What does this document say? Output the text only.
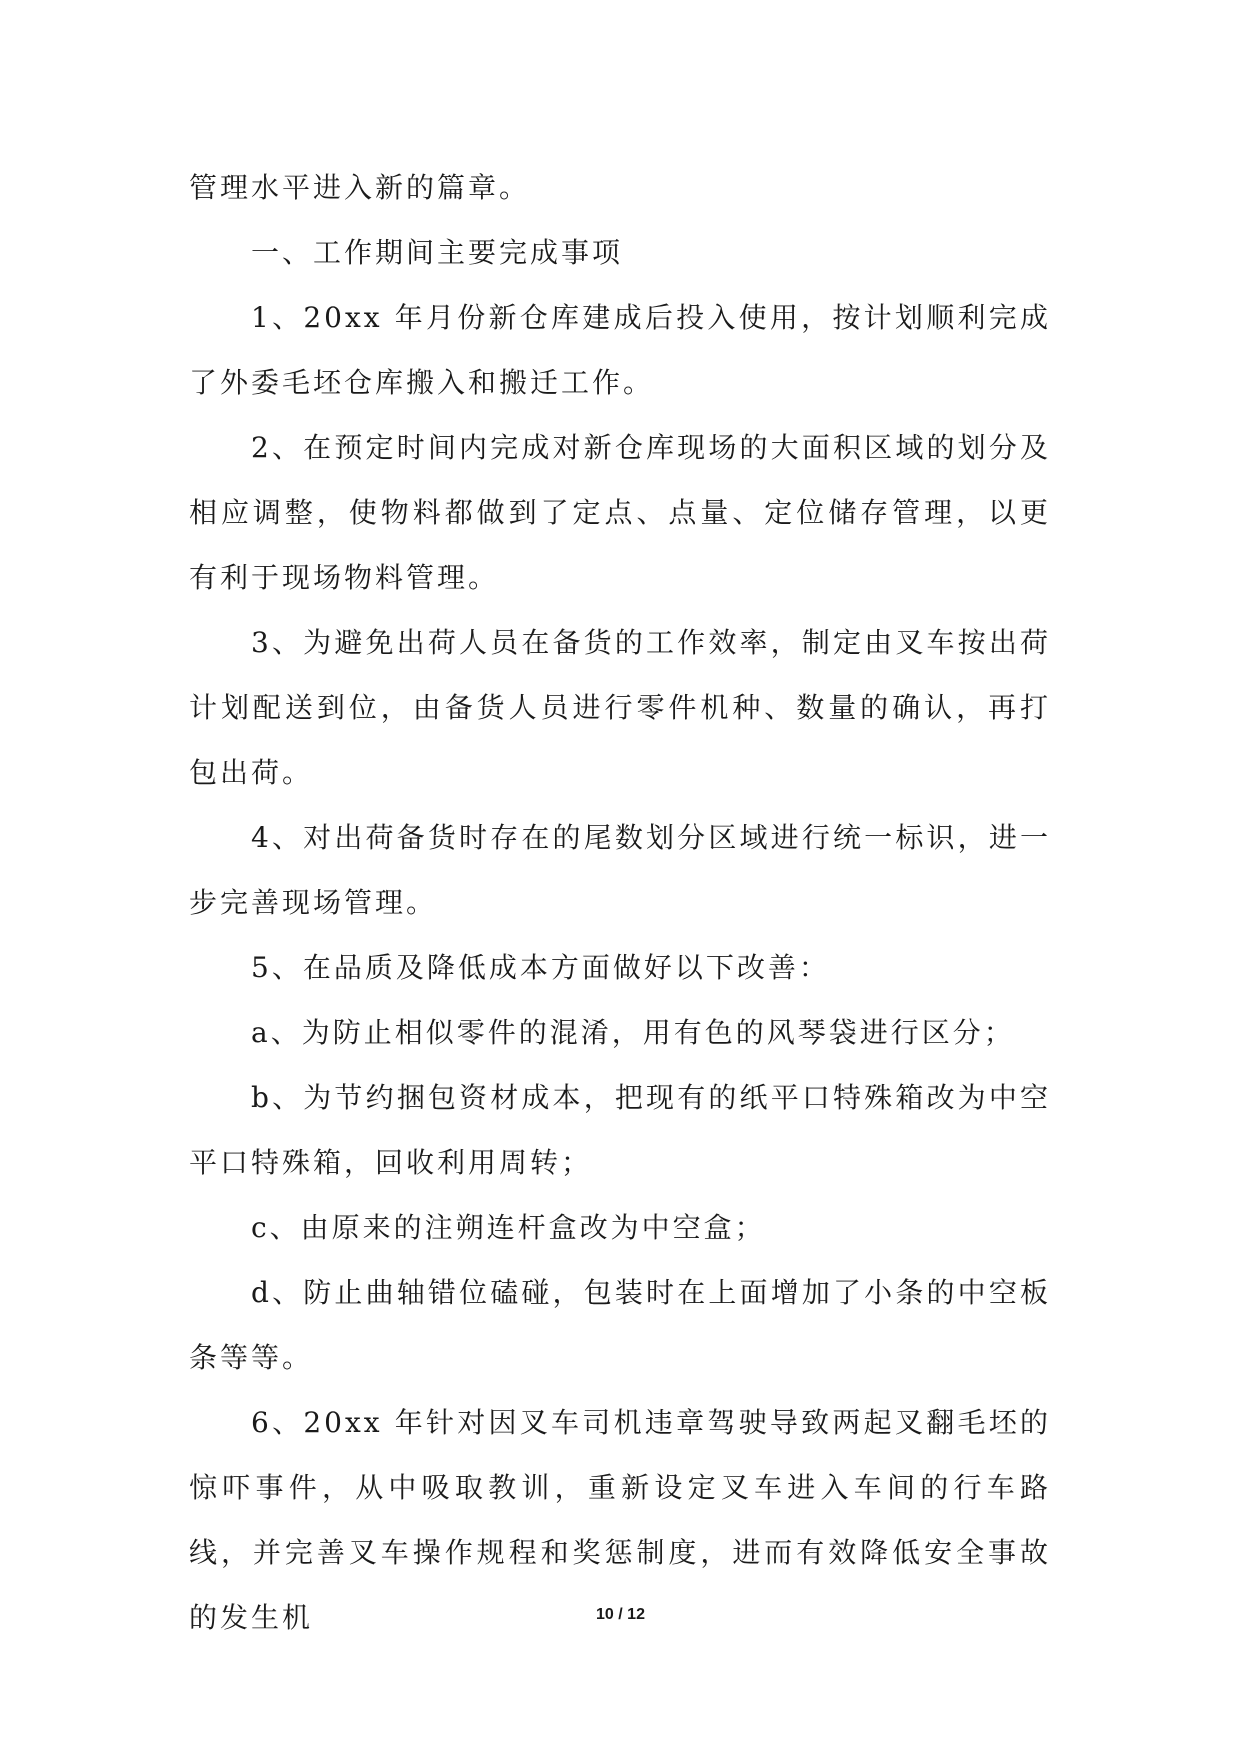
管理水平进入新的篇章。

一、工作期间主要完成事项

1、20xx 年月份新仓库建成后投入使用，按计划顺利完成了外委毛坯仓库搬入和搬迁工作。

2、在预定时间内完成对新仓库现场的大面积区域的划分及相应调整，使物料都做到了定点、点量、定位储存管理，以更有利于现场物料管理。

3、为避免出荷人员在备货的工作效率，制定由叉车按出荷计划配送到位，由备货人员进行零件机种、数量的确认，再打包出荷。

4、对出荷备货时存在的尾数划分区域进行统一标识，进一步完善现场管理。

5、在品质及降低成本方面做好以下改善：

a、为防止相似零件的混淆，用有色的风琴袋进行区分；

b、为节约捆包资材成本，把现有的纸平口特殊箱改为中空平口特殊箱，回收利用周转；

c、由原来的注朔连杆盒改为中空盒；

d、防止曲轴错位磕碰，包装时在上面增加了小条的中空板条等等。

6、20xx 年针对因叉车司机违章驾驶导致两起叉翻毛坯的惊吓事件，从中吸取教训，重新设定叉车进入车间的行车路线，并完善叉车操作规程和奖惩制度，进而有效降低安全事故的发生机	10 / 12
